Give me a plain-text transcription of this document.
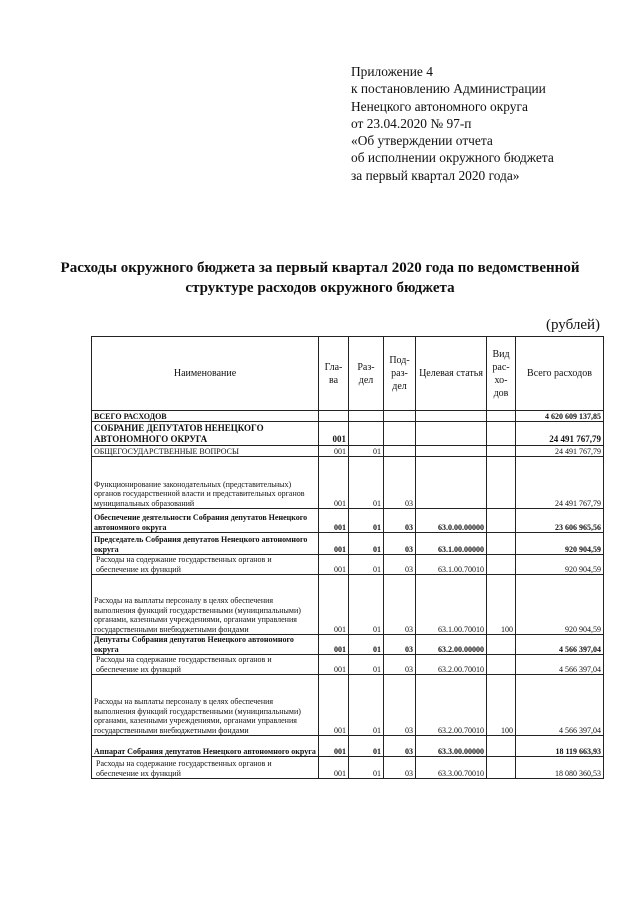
Приложение 4
к постановлению Администрации
Ненецкого автономного округа
от 23.04.2020 № 97-п
«Об утверждении отчета
об исполнении окружного бюджета
за первый квартал 2020 года»
Расходы окружного бюджета за первый квартал 2020 года по ведомственной
структуре расходов окружного бюджета
(рублей)
Наименование	Гла-ва	Раз-дел	Под-раз-дел	Целевая статья	Вид рас-хо-дов	Всего расходов
ВСЕГО РАСХОДОВ						4 620 609 137,85
СОБРАНИЕ ДЕПУТАТОВ НЕНЕЦКОГО АВТОНОМНОГО ОКРУГА	001					24 491 767,79
ОБЩЕГОСУДАРСТВЕННЫЕ ВОПРОСЫ	001	01				24 491 767,79
Функционирование законодательных (представительных) органов государственной власти и представительных органов муниципальных образований	001	01	03			24 491 767,79
Обеспечение деятельности Собрания депутатов Ненецкого автономного округа	001	01	03	63.0.00.00000		23 606 965,56
Председатель Собрания депутатов Ненецкого автономного округа	001	01	03	63.1.00.00000		920 904,59
Расходы на содержание государственных органов и обеспечение их функций	001	01	03	63.1.00.70010		920 904,59
Расходы на выплаты персоналу в целях обеспечения выполнения функций государственными (муниципальными) органами, казенными учреждениями, органами управления государственными внебюджетными фондами	001	01	03	63.1.00.70010	100	920 904,59
Депутаты Собрания депутатов Ненецкого автономного округа	001	01	03	63.2.00.00000		4 566 397,04
Расходы на содержание государственных органов и обеспечение их функций	001	01	03	63.2.00.70010		4 566 397,04
Расходы на выплаты персоналу в целях обеспечения выполнения функций государственными (муниципальными) органами, казенными учреждениями, органами управления государственными внебюджетными фондами	001	01	03	63.2.00.70010	100	4 566 397,04
Аппарат Собрания депутатов Ненецкого автономного округа	001	01	03	63.3.00.00000		18 119 663,93
Расходы на содержание государственных органов и обеспечение их функций	001	01	03	63.3.00.70010		18 080 360,53
